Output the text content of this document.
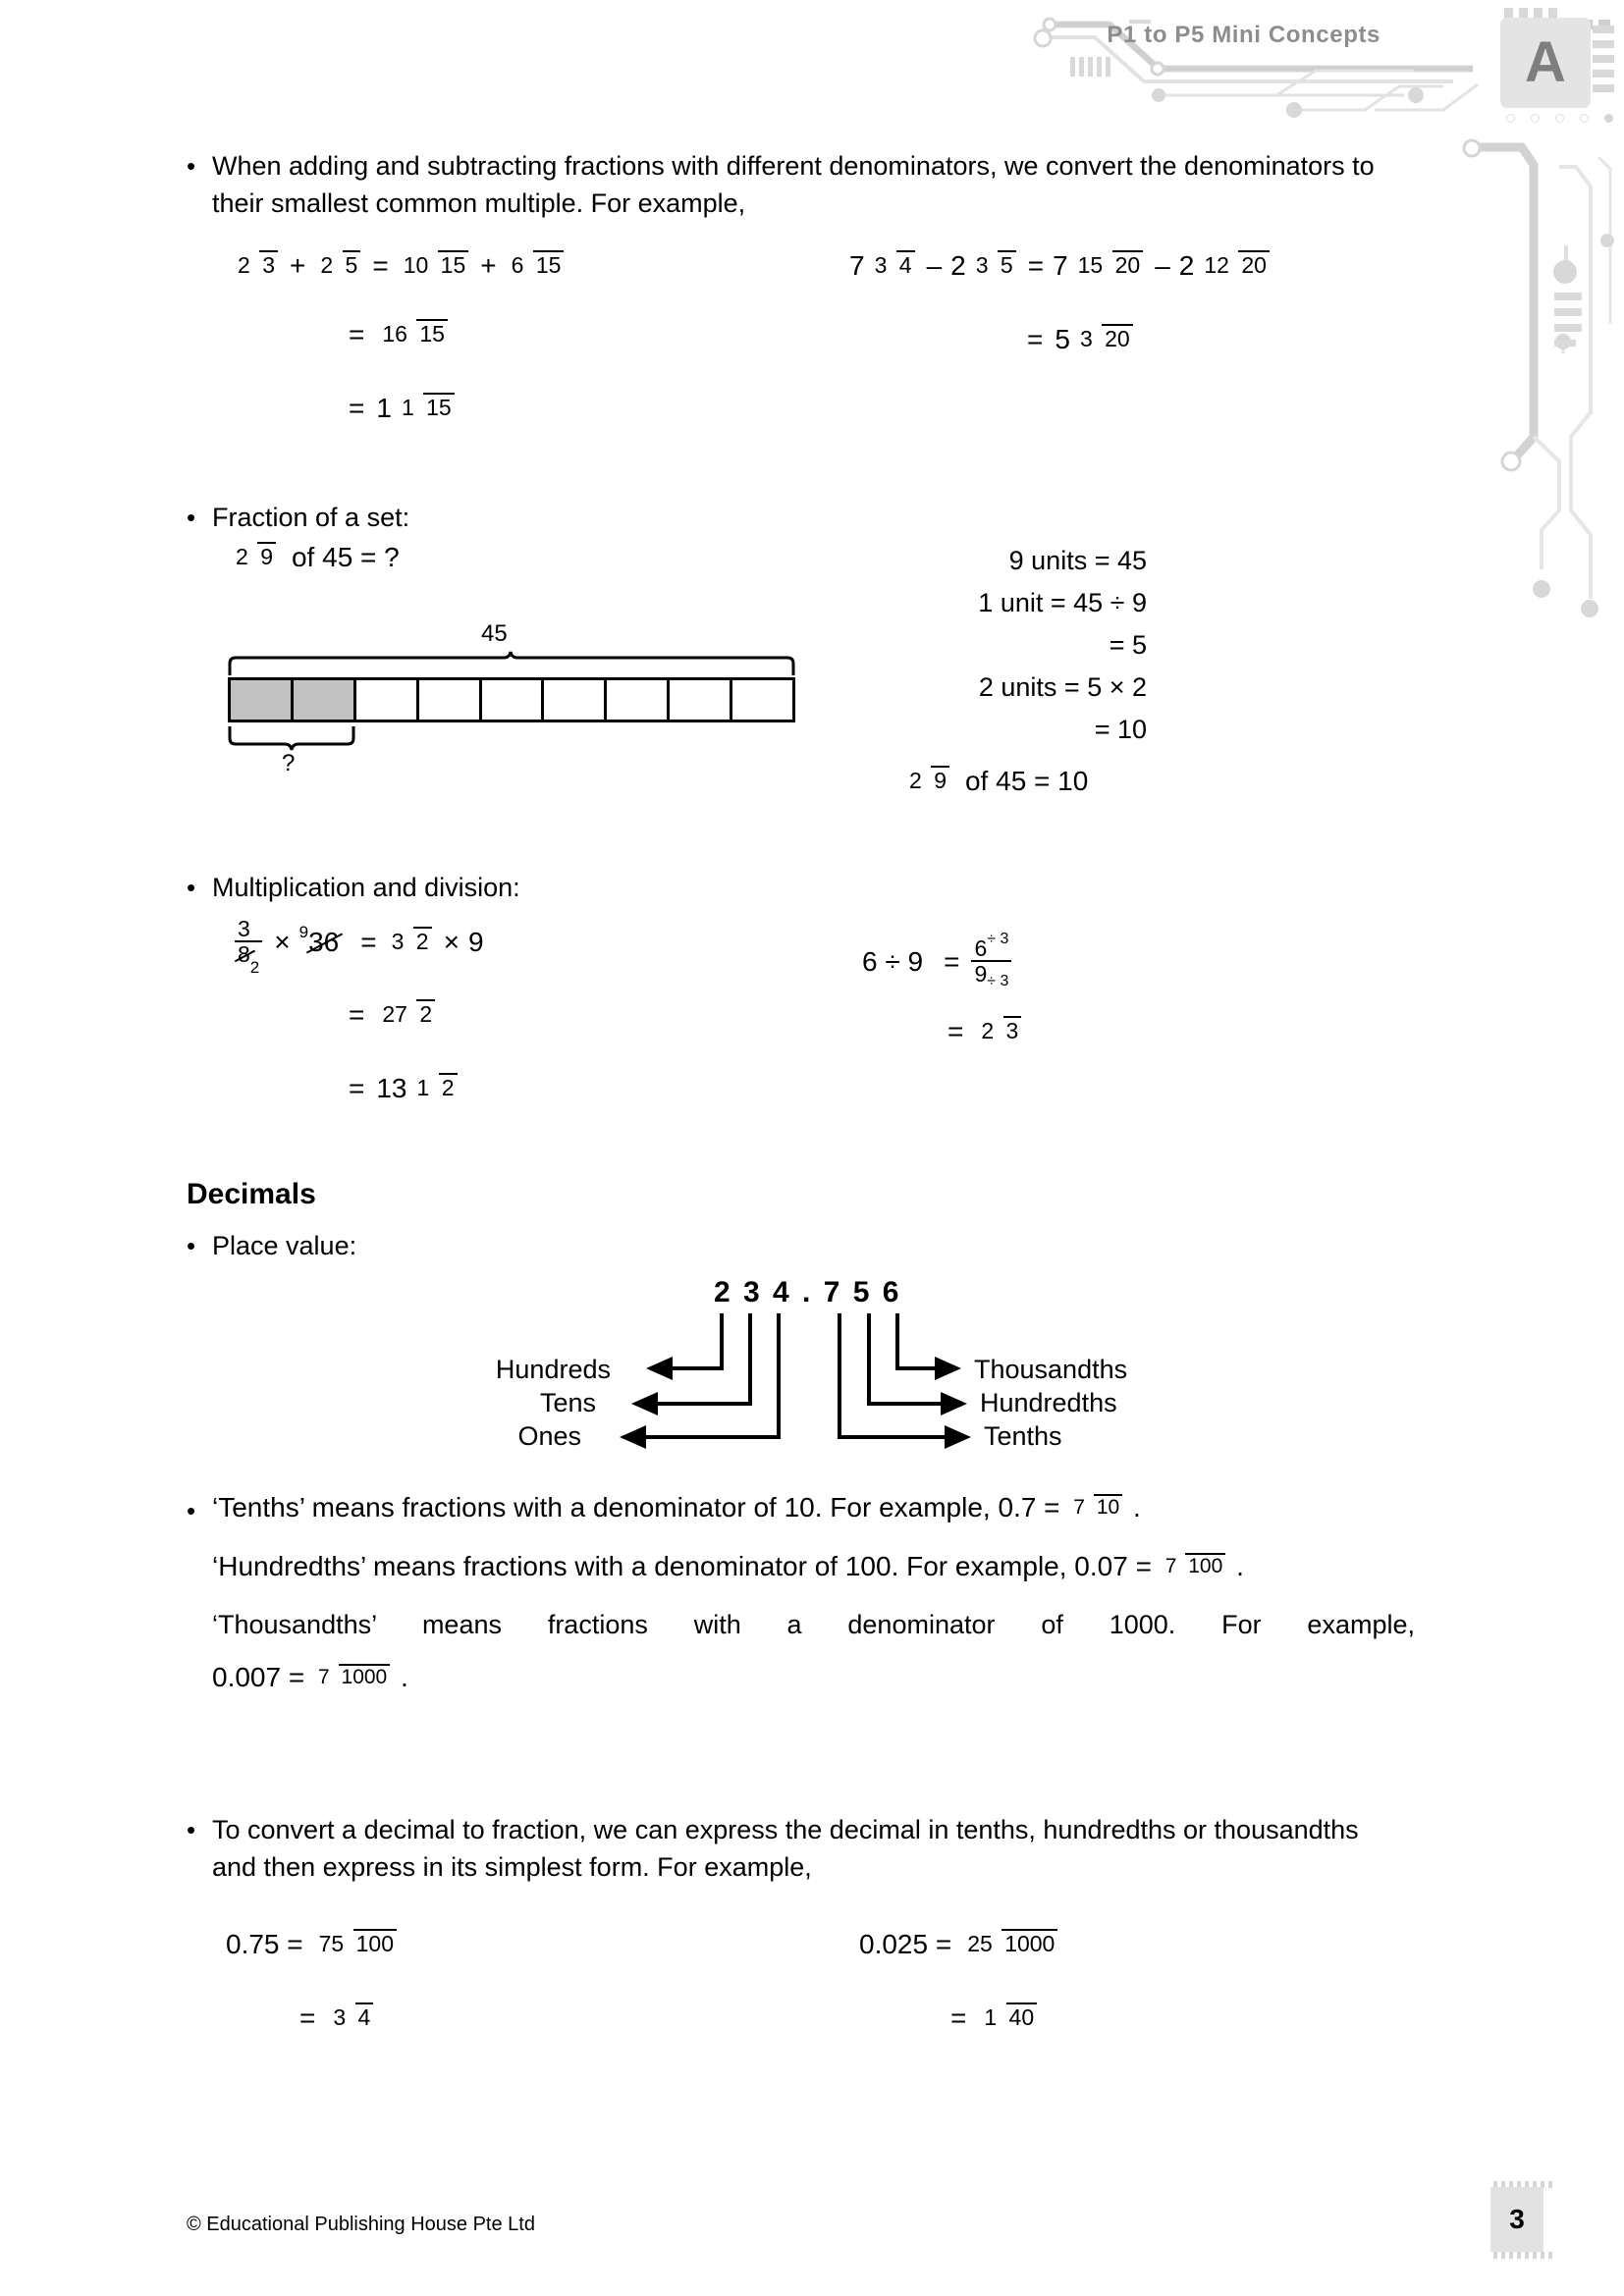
P1 to P5 Mini Concepts	A
• When adding and subtracting fractions with different denominators, we convert the denominators to their smallest common multiple. For example,
2 3 + 2 5 = 10 15 + 6 15
= 16 15
= 1 1 15
7 3 4 – 2 3 5 = 7 15 20 – 2 12 20
= 5 3 20
• Fraction of a set:
2 9 of 45 = ?
45
?
9 units = 45
1 unit = 45 ÷ 9
= 5
2 units = 5 × 2
= 10
2 9 of 45 = 10
• Multiplication and division:
$\frac{3}{8 2} \times 9$ 36 = 3 2 × 9
= 27 2
= 13 1 2
$6 \div 9 = \frac{6 \div 3}{9 \div 3}$
= 2 3
Decimals
• Place value:
2 3 4 . 7 5 6
Hundreds
Tens
Ones
Thousandths
Hundredths
Tenths
• ‘Tenths’ means fractions with a denominator of 10. For example, 0.7 = 7 10 .
‘Hundredths’ means fractions with a denominator of 100. For example, 0.07 = 7 100 .
‘Thousandths’ means fractions with a denominator of 1000. For example,
0.007 = 7 1000 .
• To convert a decimal to fraction, we can express the decimal in tenths, hundredths or thousandths and then express in its simplest form. For example,
0.75 = 75 100
= 3 4
0.025 = 25 1000
= 1 40
© Educational Publishing House Pte Ltd	3
